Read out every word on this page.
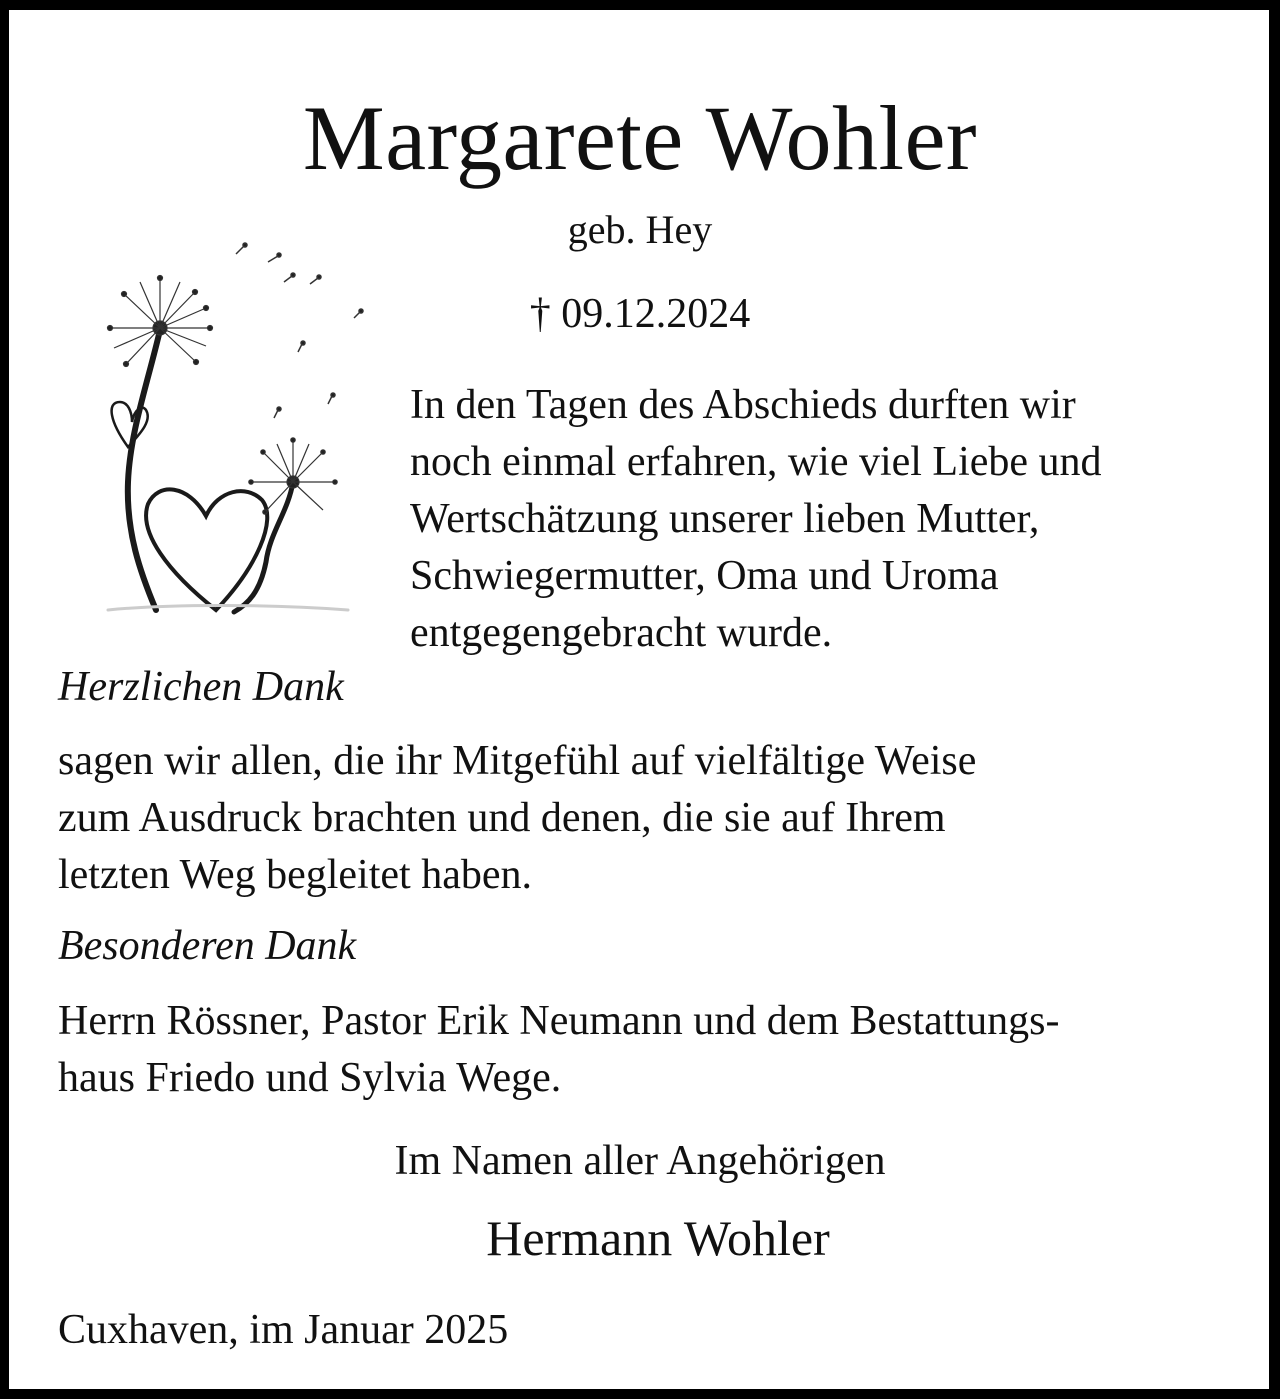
Margarete Wohler
geb. Hey
† 09.12.2024
In den Tagen des Abschieds durften wir
noch einmal erfahren, wie viel Liebe und
Wertschätzung unserer lieben Mutter,
Schwiegermutter, Oma und Uroma
entgegengebracht wurde.
Herzlichen Dank
sagen wir allen, die ihr Mitgefühl auf vielfältige Weise
zum Ausdruck brachten und denen, die sie auf Ihrem
letzten Weg begleitet haben.
Besonderen Dank
Herrn Rössner, Pastor Erik Neumann und dem Bestattungs-
haus Friedo und Sylvia Wege.
Im Namen aller Angehörigen
Hermann Wohler
Cuxhaven, im Januar 2025
